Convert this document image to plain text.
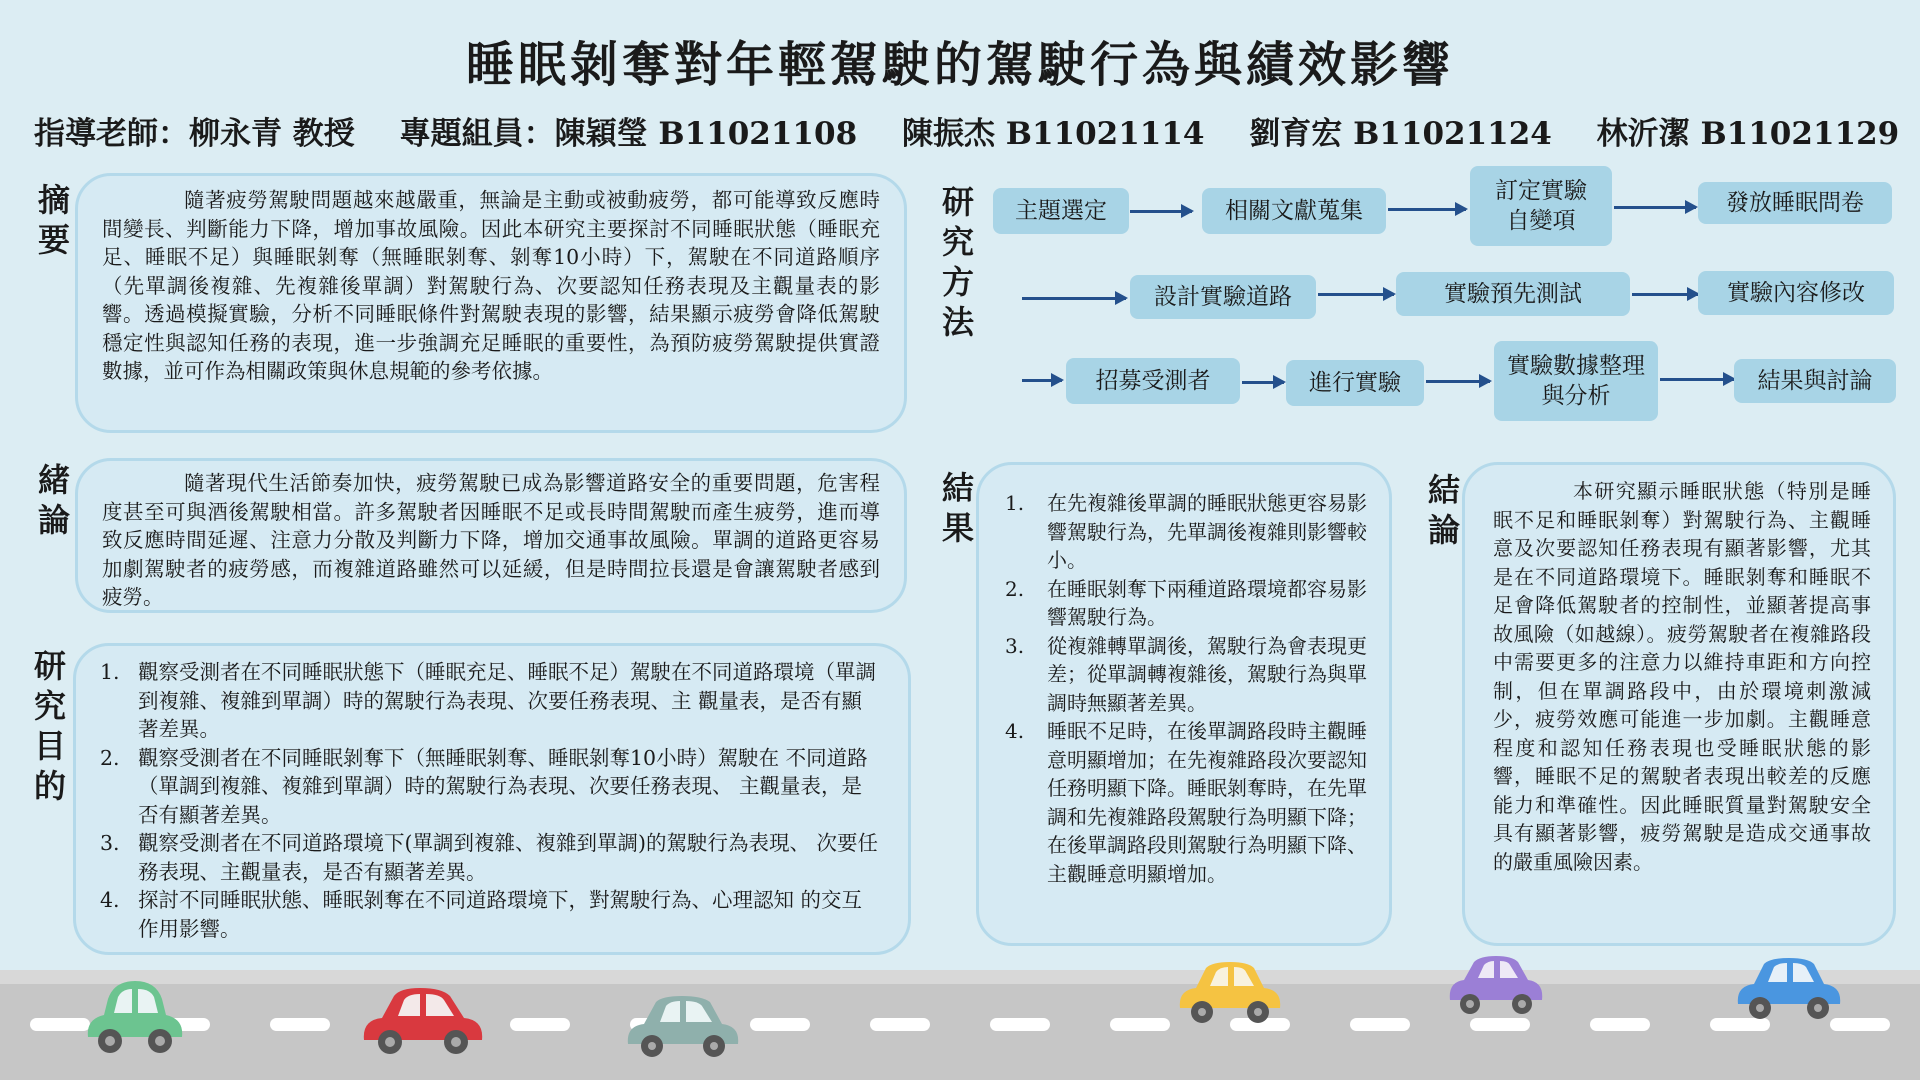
睡眠剝奪對年輕駕駛的駕駛行為與績效影響
指導老師：柳永青 教授 專題組員：陳穎瑩 B11021108 陳振杰 B11021114 劉育宏 B11021124 林沂潔 B11021129
摘要

隨著疲勞駕駛問題越來越嚴重，無論是主動或被動疲勞，都可能導致反應時間變長、判斷能力下降，增加事故風險。因此本研究主要探討不同睡眠狀態（睡眠充足、睡眠不足）與睡眠剝奪（無睡眠剝奪、剝奪10小時）下，駕駛在不同道路順序（先單調後複雜、先複雜後單調）對駕駛行為、次要認知任務表現及主觀量表的影響。透過模擬實驗，分析不同睡眠條件對駕駛表現的影響，結果顯示疲勞會降低駕駛穩定性與認知任務的表現，進一步強調充足睡眠的重要性，為預防疲勞駕駛提供實證數據，並可作為相關政策與休息規範的參考依據。

緒論

隨著現代生活節奏加快，疲勞駕駛已成為影響道路安全的重要問題，危害程度甚至可與酒後駕駛相當。許多駕駛者因睡眠不足或長時間駕駛而產生疲勞，進而導致反應時間延遲、注意力分散及判斷力下降，增加交通事故風險。單調的道路更容易加劇駕駛者的疲勞感，而複雜道路雖然可以延緩，但是時間拉長還是會讓駕駛者感到疲勞。

研究目的
1. 觀察受測者在不同睡眠狀態下（睡眠充足、睡眠不足）駕駛在不同道路環境（單調到複雜、複雜到單調）時的駕駛行為表現、次要任務表現、主 觀量表，是否有顯著差異。
2. 觀察受測者在不同睡眠剝奪下（無睡眠剝奪、睡眠剝奪10小時）駕駛在 不同道路（單調到複雜、複雜到單調）時的駕駛行為表現、次要任務表現、 主觀量表，是否有顯著差異。
3. 觀察受測者在不同道路環境下(單調到複雜、複雜到單調)的駕駛行為表現、 次要任務表現、主觀量表，是否有顯著差異。
4. 探討不同睡眠狀態、睡眠剝奪在不同道路環境下，對駕駛行為、心理認知 的交互作用影響。
研究方法
主題選定	相關文獻蒐集
訂定實驗自變項
發放睡眠問卷
設計實驗道路	實驗預先測試	實驗內容修改
招募受測者	進行實驗
實驗數據整理與分析
結果與討論
結果
1. 在先複雜後單調的睡眠狀態更容易影響駕駛行為，先單調後複雜則影響較小。
2. 在睡眠剝奪下兩種道路環境都容易影響駕駛行為。
3. 從複雜轉單調後，駕駛行為會表現更差；從單調轉複雜後，駕駛行為與單調時無顯著差異。
4. 睡眠不足時，在後單調路段時主觀睡意明顯增加；在先複雜路段次要認知任務明顯下降。睡眠剝奪時，在先單調和先複雜路段駕駛行為明顯下降；在後單調路段則駕駛行為明顯下降、主觀睡意明顯增加。
結論

本研究顯示睡眠狀態（特別是睡眠不足和睡眠剝奪）對駕駛行為、主觀睡意及次要認知任務表現有顯著影響，尤其是在不同道路環境下。睡眠剝奪和睡眠不足會降低駕駛者的控制性，並顯著提高事故風險（如越線）。疲勞駕駛者在複雜路段中需要更多的注意力以維持車距和方向控制，但在單調路段中，由於環境刺激減少，疲勞效應可能進一步加劇。主觀睡意程度和認知任務表現也受睡眠狀態的影響，睡眠不足的駕駛者表現出較差的反應能力和準確性。因此睡眠質量對駕駛安全具有顯著影響，疲勞駕駛是造成交通事故的嚴重風險因素。
